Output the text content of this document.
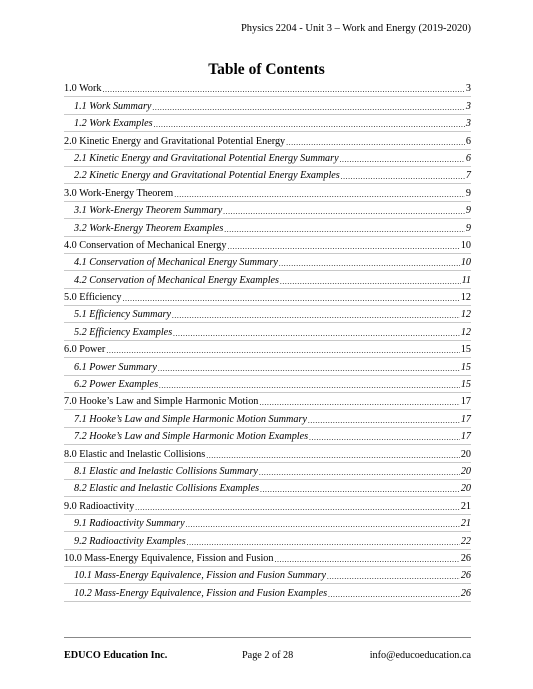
Physics 2204 - Unit 3 – Work and Energy (2019-2020)
Table of Contents
1.0 Work .....	3
1.1 Work Summary .....	3
1.2 Work Examples .....	3
2.0 Kinetic Energy and Gravitational Potential Energy .....	6
2.1 Kinetic Energy and Gravitational Potential Energy Summary .....	6
2.2 Kinetic Energy and Gravitational Potential Energy Examples .....	7
3.0 Work-Energy Theorem .....	9
3.1 Work-Energy Theorem Summary .....	9
3.2 Work-Energy Theorem Examples .....	9
4.0 Conservation of Mechanical Energy .....	10
4.1 Conservation of Mechanical Energy Summary .....	10
4.2 Conservation of Mechanical Energy Examples .....	11
5.0 Efficiency .....	12
5.1 Efficiency Summary .....	12
5.2 Efficiency Examples .....	12
6.0 Power .....	15
6.1 Power Summary .....	15
6.2 Power Examples .....	15
7.0 Hooke’s Law and Simple Harmonic Motion .....	17
7.1 Hooke’s Law and Simple Harmonic Motion Summary .....	17
7.2 Hooke’s Law and Simple Harmonic Motion Examples .....	17
8.0 Elastic and Inelastic Collisions .....	20
8.1 Elastic and Inelastic Collisions Summary .....	20
8.2 Elastic and Inelastic Collisions Examples .....	20
9.0 Radioactivity .....	21
9.1 Radioactivity Summary .....	21
9.2 Radioactivity Examples .....	22
10.0 Mass-Energy Equivalence, Fission and Fusion .....	26
10.1 Mass-Energy Equivalence, Fission and Fusion Summary .....	26
10.2 Mass-Energy Equivalence, Fission and Fusion Examples .....	26
EDUCO Education Inc.	Page 2 of 28	info@educoeducation.ca
